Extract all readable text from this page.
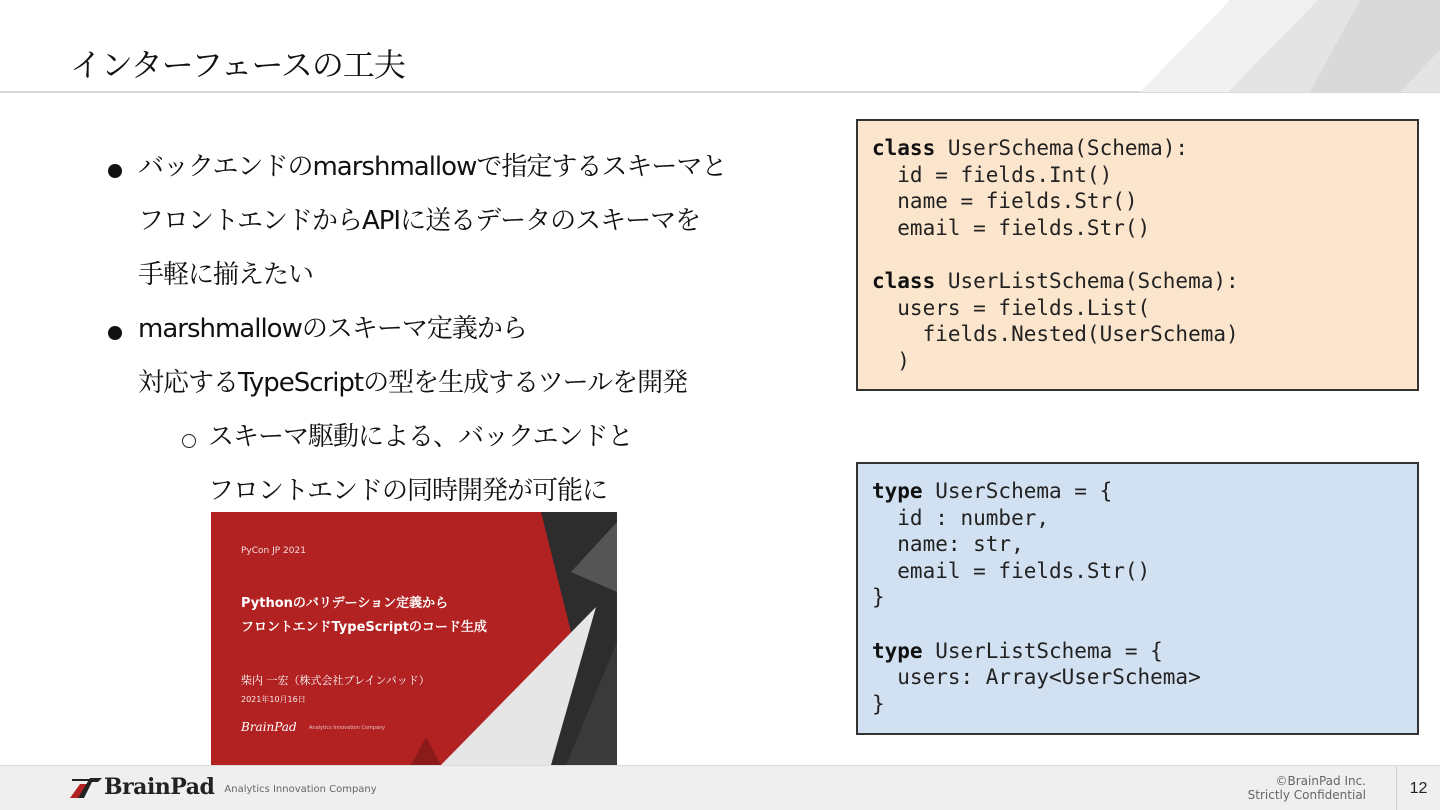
インターフェースの工夫
バックエンドのmarshmallowで指定するスキーマと
フロントエンドからAPIに送るデータのスキーマを
手軽に揃えたい
marshmallowのスキーマ定義から
対応するTypeScriptの型を生成するツールを開発
スキーマ駆動による、バックエンドと
フロントエンドの同時開発が可能に
PyCon JP 2021
Pythonのバリデーション定義から
フロントエンドTypeScriptのコード生成
柴内 一宏（株式会社ブレインパッド）
2021年10月16日
BrainPad Analytics Innovation Company
class UserSchema(Schema):
id = fields.Int()
name = fields.Str()
email = fields.Str()

class UserListSchema(Schema):
users = fields.List(
fields.Nested(UserSchema)
)
type UserSchema = {
id : number,
name: str,
email = fields.Str()
}

type UserListSchema = {
users: Array<UserSchema>
}
BrainPad Analytics Innovation Company
©BrainPad Inc.
Strictly Confidential	12
